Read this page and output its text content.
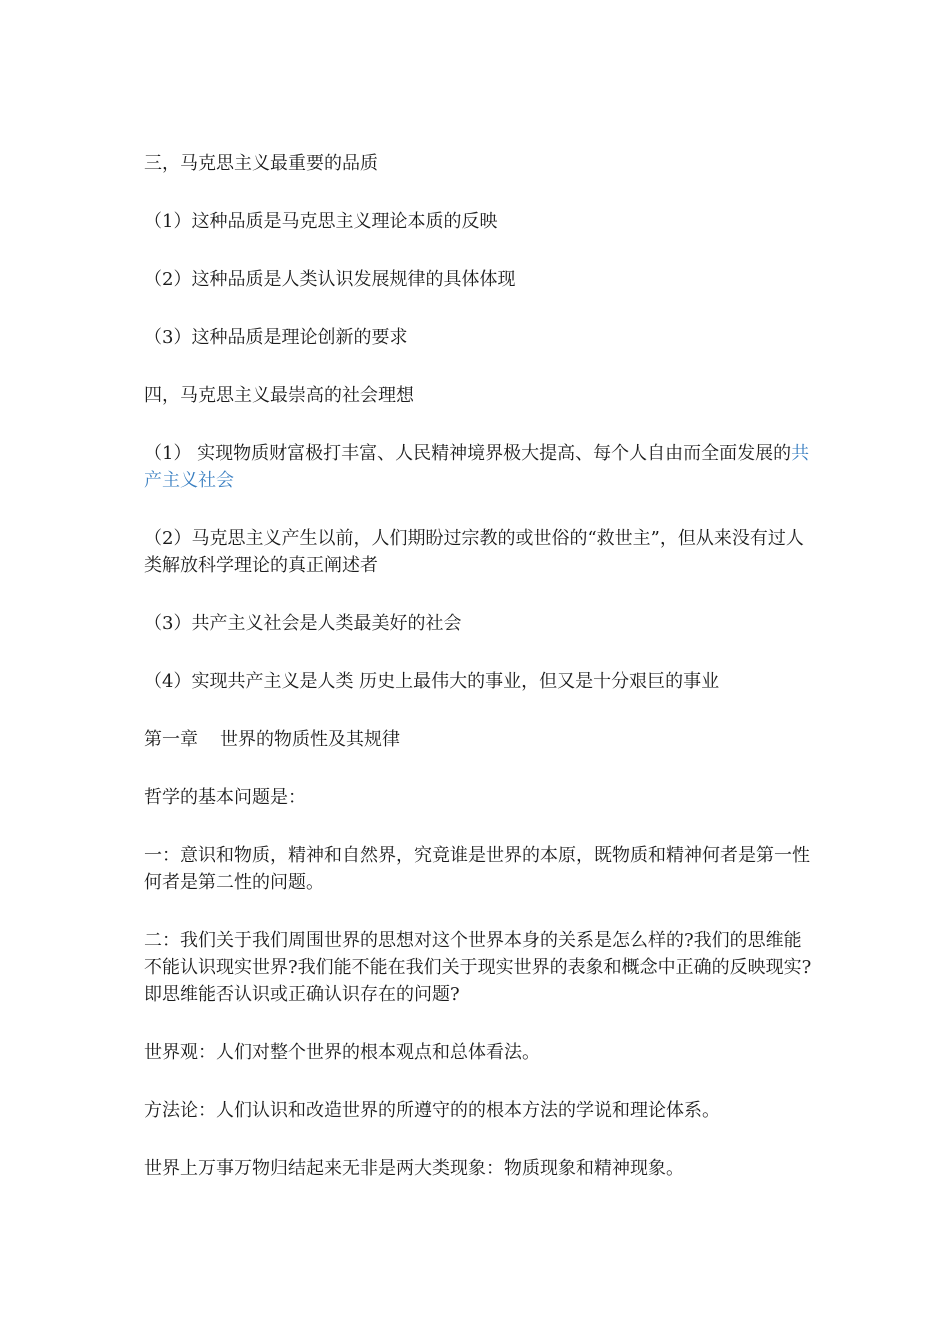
三，马克思主义最重要的品质

（1）这种品质是马克思主义理论本质的反映

（2）这种品质是人类认识发展规律的具体体现

（3）这种品质是理论创新的要求

四，马克思主义最崇高的社会理想

（1） 实现物质财富极打丰富、人民精神境界极大提高、每个人自由而全面发展的共产主义社会

（2）马克思主义产生以前，人们期盼过宗教的或世俗的“救世主”，但从来没有过人类解放科学理论的真正阐述者

（3）共产主义社会是人类最美好的社会

（4）实现共产主义是人类 历史上最伟大的事业，但又是十分艰巨的事业

第一章 世界的物质性及其规律

哲学的基本问题是：

一：意识和物质，精神和自然界，究竟谁是世界的本原，既物质和精神何者是第一性何者是第二性的问题。

二：我们关于我们周围世界的思想对这个世界本身的关系是怎么样的?我们的思维能不能认识现实世界?我们能不能在我们关于现实世界的表象和概念中正确的反映现实?即思维能否认识或正确认识存在的问题?

世界观：人们对整个世界的根本观点和总体看法。

方法论：人们认识和改造世界的所遵守的的根本方法的学说和理论体系。

世界上万事万物归结起来无非是两大类现象：物质现象和精神现象。
